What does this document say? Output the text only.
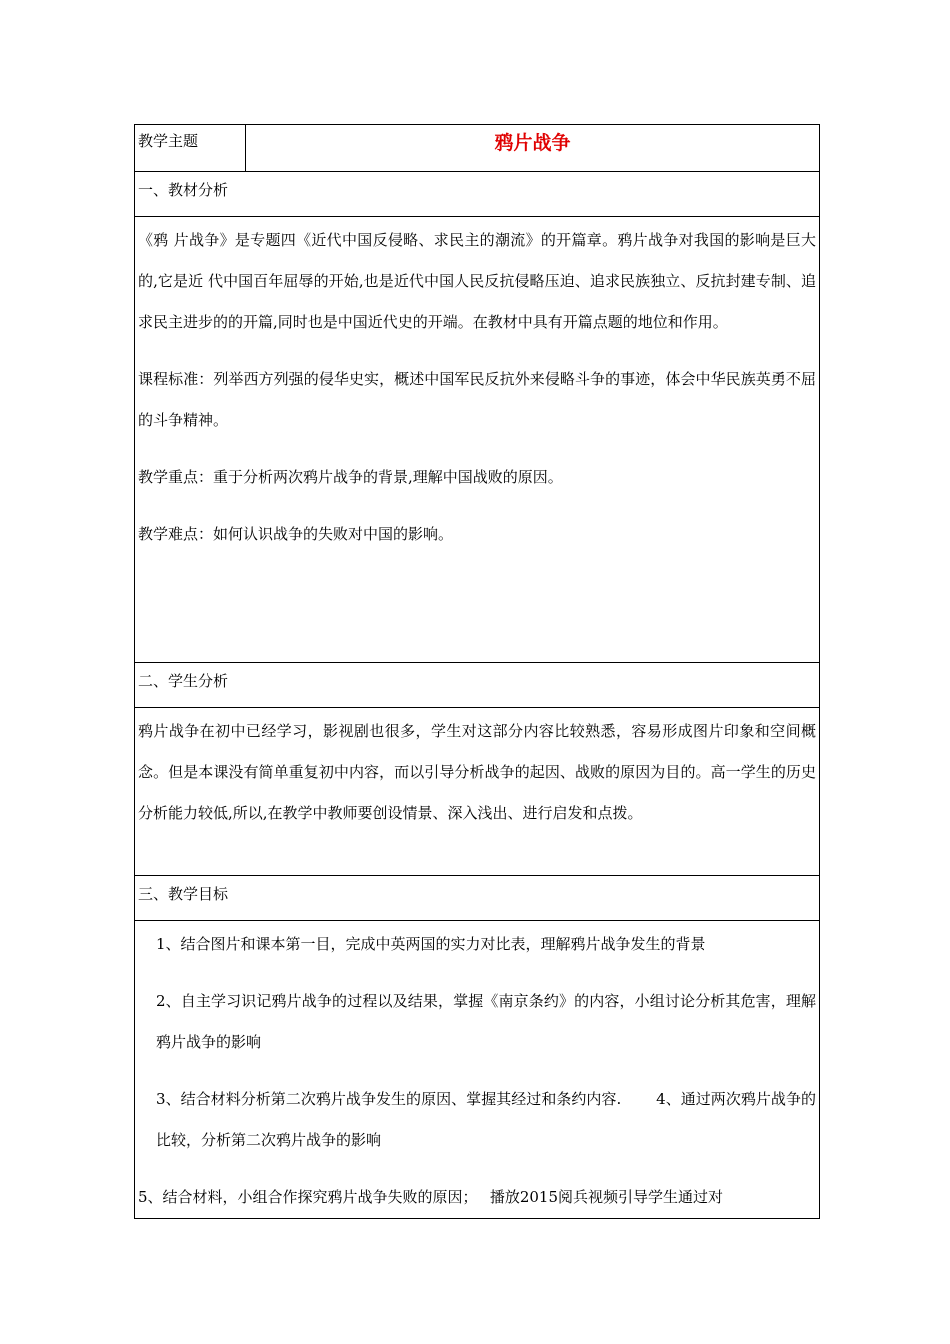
教学主题	鸦片战争
一、教材分析

《鸦 片战争》是专题四《近代中国反侵略、求民主的潮流》的开篇章。鸦片战争对我国的影响是巨大的,它是近 代中国百年屈辱的开始,也是近代中国人民反抗侵略压迫、追求民族独立、反抗封建专制、追求民主进步的的开篇,同时也是中国近代史的开端。在教材中具有开篇点题的地位和作用。

课程标准：列举西方列强的侵华史实，概述中国军民反抗外来侵略斗争的事迹，体会中华民族英勇不屈的斗争精神。

教学重点：重于分析两次鸦片战争的背景,理解中国战败的原因。

教学难点：如何认识战争的失败对中国的影响。

二、学生分析

鸦片战争在初中已经学习，影视剧也很多，学生对这部分内容比较熟悉，容易形成图片印象和空间概念。但是本课没有简单重复初中内容，而以引导分析战争的起因、战败的原因为目的。高一学生的历史分析能力较低,所以,在教学中教师要创设情景、深入浅出、进行启发和点拨。

三、教学目标

1、结合图片和课本第一目，完成中英两国的实力对比表，理解鸦片战争发生的背景

2、自主学习识记鸦片战争的过程以及结果，掌握《南京条约》的内容，小组讨论分析其危害，理解鸦片战争的影响

3、结合材料分析第二次鸦片战争发生的原因、掌握其经过和条约内容.　　 4、通过两次鸦片战争的比较，分析第二次鸦片战争的影响

5、结合材料，小组合作探究鸦片战争失败的原因；　 播放2015阅兵视频引导学生通过对
